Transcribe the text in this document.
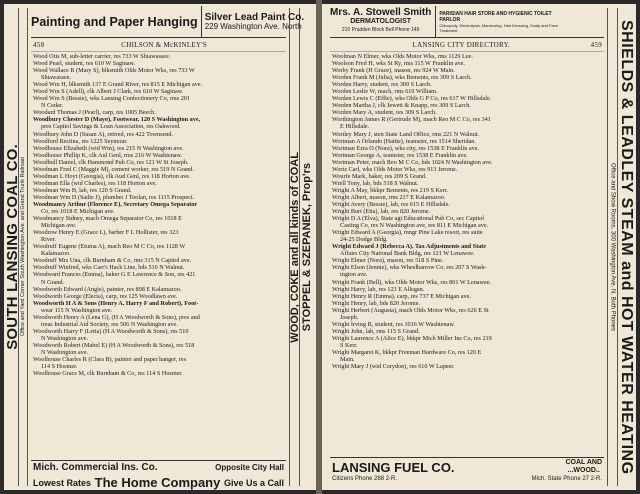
SOUTH LANSING COAL CO. Office and Yard Corner South Washington Ave. and Grand Trunk Railroad	WOOD, COKE and all kinds of COAL STOPPEL & SZEPANEK, Prop'rs
Painting and Paper Hanging Silver Lead Paint Co.
229 Washington Ave. North
458	CHILSON & McKINLEY'S
Wood Otis M, sub-letter carrier, res 733 W Shiawassee.
Wood Pearl, student, res 610 W Saginaw.
Wood Wallace R (Mary S), blksmith Olds Motor Wks, res 733 W
Shiawassee.
Wood Wm H, blksmith 137 E Grand River, res 815 E Michigan ave.
Wood Wm S (Adell), clk Albert J Clark, res 610 W Saginaw.
Wood Wm S (Bessie), wks Lansing Confectionery Co, rms 201
N Cedar.
Woodard Thomas J (Pearl), carp, res 1005 Beech.
Woodbury Chester D (Mayo), Footwear, 120 S Washington ave,
pres Capitol Savings & Loan Association, res Oakwood.
Woodbury John D (Susan A), retired, res 422 Townsend.
Woodford Rectina, res 1225 Seymour.
Woodhouse Elizabeth (wid Wm), res 215 N Washington ave.
Woodhouse Phillip K, clk Aul Genl, rms 216 W Washtenaw.
Woodhull Daniel, clk Hammond Pub Co, res 121 W St Joseph.
Woodman Fred C (Maggie M), cement worker, res 519 N Grand.
Woodman L Hoyt (Georgia), clk Aud Genl, res 118 Horton ave.
Woodman Ella (wid Charles), res 118 Horton ave.
Woodman Wm B, lab, res 120 S Grand.
Woodman Wm D (Sadie J), plumber J Toolan, res 1115 Prospect.
Woodmancy Arthur (Florence E), Secretary Omega Separator
Co, res 1018 E Michigan ave.
Woodmancy Sidney, mach Omega Separator Co, res 1018 E
Michigan ave.
Woodrow Henry E (Grace L), barber F L Hollister, res 323
River.
Woodruff Eugene (Etuma A), mach Reo M C Co, res 1128 W
Kalamazoo.
Woodruff Mrs Una, clk Burnham & Co, rms 315 N Capitol ave.
Woodruff Winfred, wks Carr's Hack Line, bds 510 N Walnut.
Woodward Frances (Emma), baker G E Lawrence & Son, res 421
N Grand.
Woodworth Edward (Angie), painter, res 808 E Kalamazoo.
Woodworth George (Electa), carp, res 125 Woodlawn ave.
Woodworth H A & Sons (Henry A, Harry F and Robert), Foot-
wear 115 N Washington ave.
Woodworth Henry A (Lena G), (H A Woodworth & Sons), pres and
treas Industrial Aid Society, res 506 N Washington ave.
Woodworth Harry F (Letta) (H A Woodworth & Sons), res 510
N Washington ave.
Woodworth Robert (Mabel E) (H A Woodworth & Sons), res 518
N Washington ave.
Woolhouse Charles R (Clara B), painter and paper hanger, res
114 S Hosmer.
Woolhouse Grace M, clk Burnham & Co, res 114 S Hosmer.
Mich. Commercial Ins. Co.	Opposite City Hall
Lowest Rates The Home Company Give Us a Call
SHIELDS & LEADLEY STEAM and HOT WATER HEATING
Office and Show Rooms, 300 Washington Ave. N. Both Phones
Mrs. A. Stowell Smith
DERMATOLOGIST
210 Prudden Block Bell Phone 149
PARISIAN HAIR STORE AND HYGIENIC TOILET PARLOR
Chiropody, Electrolysis, Manicuring, Hair Dressing, Scalp and Face Treatment.
LANSING CITY DIRECTORY.	459
Woolman N Elmer, wks Olds Motor Wks, rms 1129 Lee.
Woolson Fred H, wks St Ry, rms 115 W Franklin ave.
Worby Frank (H Grace), mason, res 924 W Main.
Worden Frank M (Julia), wks Bements, res 309 S Larch.
Worden Harry, student, res 309 S Larch.
Worden Leslie W, mach, rms 610 William.
Worden Lewis C (Effie), wks Olds G P Co, res 617 W Hillsdale.
Worden Martha J, clk Jewett & Knapp, res 309 S Larch.
Worden Mary A, student, res 309 S Larch.
Worthington James R (Gertrude M), mach Reo M C Co, res 341
E Hillsdale.
Wortley Mary J, sten State Land Office, rms 221 N Walnut.
Wortman A Orlando (Hattie), teamster, res 1514 Sheridan.
Wortman Ezra O (Nora), wks city, res 1538 E Franklin ave.
Wortman George A, teamster, res 1538 E Franklin ave.
Wortman Peter, mach Reo M C Co, bds 1024 N Washington ave.
Wortz Carl, wks Olds Motor Wks, res 913 Jerome.
Wourfe Mark, baker, res 209 S Grand.
Wrell Tony, lab, bds 518 S Walnut.
Wright A May, bkkpr Bements, res 219 S Kerr.
Wright Albert, mason, rms 217 E Kalamazoo.
Wright Avery (Bessie), lab, res 615 E Hillsdale.
Wright Burt (Etta), lab, res 820 Jerome.
Wright D A (Elva), State agt Educational Pub Co, sec Capitol
Casting Co, res N Washington ave, res 811 E Michigan ave.
Wright Edward A (Georgia), mngr Pine Lake resort, res suite
24-25 Dodge Bldg.
Wright Edward J (Rebecca A), Tax Adjustments and State
Affairs City National Bank Bldg, res 121 W Lenawee.
Wright Elmer (Nora), mason, res 518 S Pine.
Wright Elson (Jennie), wks Wheelbarrow Co, res 207 S Wash-
ington ave.
Wright Frank (Bell), wks Olds Motor Wks, res 801 W Lenawee.
Wright Harry, lab, res 123 E Allegan.
Wright Henry R (Emma), carp, res 737 E Michigan ave.
Wright Henry, lab, bds 820 Jerome.
Wright Herbert (Augusta), mach Olds Motor Wks, res 626 E St
Joseph.
Wright Irving B, student, res 1016 W Washtenaw.
Wright John, lab, rms 115 S Grand.
Wright Laurence A (Alice E), bkkpr Mich Miller Ins Co, res 219
S Kerr.
Wright Margaret K, bkkpr Freeman Hardware Co, res 120 E
Main.
Wright Mary J (wid Corydon), res 610 W Lapeer.
LANSING FUEL CO.	COAL AND
...WOOD..
Citizens Phone 288 2-R.	Mich. State Phone 27 2-R.
